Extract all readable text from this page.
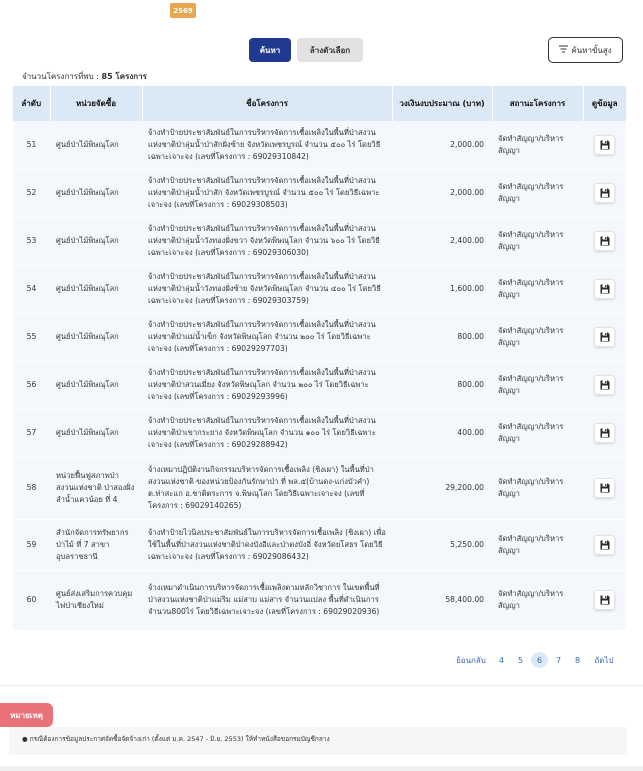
2569
ค้นหา	ล้างตัวเลือก	ค้นหาขั้นสูง
จำนวนโครงการที่พบ : 85 โครงการ
ลำดับ	หน่วยจัดซื้อ	ชื่อโครงการ	วงเงินงบประมาณ (บาท)	สถานะโครงการ	ดูข้อมูล
51	ศูนย์ป่าไม้พิษณุโลก	จ้างทำป้ายประชาสัมพันธ์ในการบริหารจัดการเชื้อเพลิงในพื้นที่ป่าสงวนแห่งชาติป่าลุ่มน้ำป่าสักฝั่งซ้าย จังหวัดเพชรบูรณ์ จำนวน ๕๐๐ ไร่ โดยวิธีเฉพาะเจาะจง (เลขที่โครงการ : 69029310842)	2,000.00	จัดทำสัญญา/บริหารสัญญา	

52	ศูนย์ป่าไม้พิษณุโลก	จ้างทำป้ายประชาสัมพันธ์ในการบริหารจัดการเชื้อเพลิงในพื้นที่ป่าสงวนแห่งชาติป่าลุ่มน้ำป่าสัก จังหวัดเพชรบูรณ์ จำนวน ๕๐๐ ไร่ โดยวิธีเฉพาะเจาะจง (เลขที่โครงการ : 69029308503)	2,000.00	จัดทำสัญญา/บริหารสัญญา	

53	ศูนย์ป่าไม้พิษณุโลก	จ้างทำป้ายประชาสัมพันธ์ในการบริหารจัดการเชื้อเพลิงในพื้นที่ป่าสงวนแห่งชาติป่าลุ่มน้ำวังทองฝั่งขวา จังหวัดพิษณุโลก จำนวน ๖๐๐ ไร่ โดยวิธีเฉพาะเจาะจง (เลขที่โครงการ : 69029306030)	2,400.00	จัดทำสัญญา/บริหารสัญญา	

54	ศูนย์ป่าไม้พิษณุโลก	จ้างทำป้ายประชาสัมพันธ์ในการบริหารจัดการเชื้อเพลิงในพื้นที่ป่าสงวนแห่งชาติป่าลุ่มน้ำวังทองฝั่งซ้าย จังหวัดพิษณุโลก จำนวน ๔๐๐ ไร่ โดยวิธีเฉพาะเจาะจง (เลขที่โครงการ : 69029303759)	1,600.00	จัดทำสัญญา/บริหารสัญญา	

55	ศูนย์ป่าไม้พิษณุโลก	จ้างทำป้ายประชาสัมพันธ์ในการบริหารจัดการเชื้อเพลิงในพื้นที่ป่าสงวนแห่งชาติป่าแม่น้ำเข็ก จังหวัดพิษณุโลก จำนวน ๒๐๐ ไร่ โดยวิธีเฉพาะเจาะจง (เลขที่โครงการ : 69029297703)	800.00	จัดทำสัญญา/บริหารสัญญา	

56	ศูนย์ป่าไม้พิษณุโลก	จ้างทำป้ายประชาสัมพันธ์ในการบริหารจัดการเชื้อเพลิงในพื้นที่ป่าสงวนแห่งชาติป่าสวนเมี่ยง จังหวัดพิษณุโลก จำนวน ๒๐๐ ไร่ โดยวิธีเฉพาะเจาะจง (เลขที่โครงการ : 69029293996)	800.00	จัดทำสัญญา/บริหารสัญญา	

57	ศูนย์ป่าไม้พิษณุโลก	จ้างทำป้ายประชาสัมพันธ์ในการบริหารจัดการเชื้อเพลิงในพื้นที่ป่าสงวนแห่งชาติป่าเขากระยาง จังหวัดพิษณุโลก จำนวน ๑๐๐ ไร่ โดยวิธีเฉพาะเจาะจง (เลขที่โครงการ : 69029288942)	400.00	จัดทำสัญญา/บริหารสัญญา	

58	หน่วยฟื้นฟูสภาพป่าสงวนแห่งชาติ ป่าสองฝั่งลำน้ำแควน้อย ที่ 4	จ้างเหมาปฏิบัติงานกิจกรรมบริหารจัดการเชื้อเพลิง (ชิงเผา) ในพื้นที่ป่าสงวนแห่งชาติ ของหน่วยป้องกันรักษาป่า ที่ พล.๕(บ้านดง-แก่งบัวคำ) ต.ท่าสะแก อ.ชาติตระการ จ.พิษณุโลก โดยวิธีเฉพาะเจาะจง (เลขที่โครงการ : 69029140265)	29,200.00	จัดทำสัญญา/บริหารสัญญา	

59	สำนักจัดการทรัพยากรป่าไม้ ที่ 7 สาขาอุบลราชธานี	จ้างทำป้ายไวนิลประชาสัมพันธ์ในการบริหารจัดการเชื้อเพลิง (ชิงเผา) เพื่อใช้ในพื้นที่ป่าสงวนแห่งชาติป่าดงบังอีและป่าดงบังอี่ จังหวัดยโสธร โดยวิธีเฉพาะเจาะจง (เลขที่โครงการ : 69029086432)	5,250.00	จัดทำสัญญา/บริหารสัญญา	

60	ศูนย์ส่งเสริมการควบคุมไฟป่าเชียงใหม่	จ้างเหมาดำเนินการบริหารจัดการเชื้อเพลิงตามหลักวิชาการ ในเขตพื้นที่ป่าสงวนแห่งชาติป่าแม่ริม แม่สาบ แม่สาร จำนวนแปลง พื้นที่ดำเนินการ จำนวน800ไร่ โดยวิธีเฉพาะเจาะจง (เลขที่โครงการ : 69029020936)	58,400.00	จัดทำสัญญา/บริหารสัญญา	
ย้อนกลับ	4	5	6	7	8	ถัดไป
หมายเหตุ
● กรณีต้องการข้อมูลประกาศจัดซื้อจัดจ้างเก่า (ตั้งแต่ ม.ค. 2547 - มิ.ย. 2553) ให้ทำหนังสือขอกรมบัญชีกลาง
